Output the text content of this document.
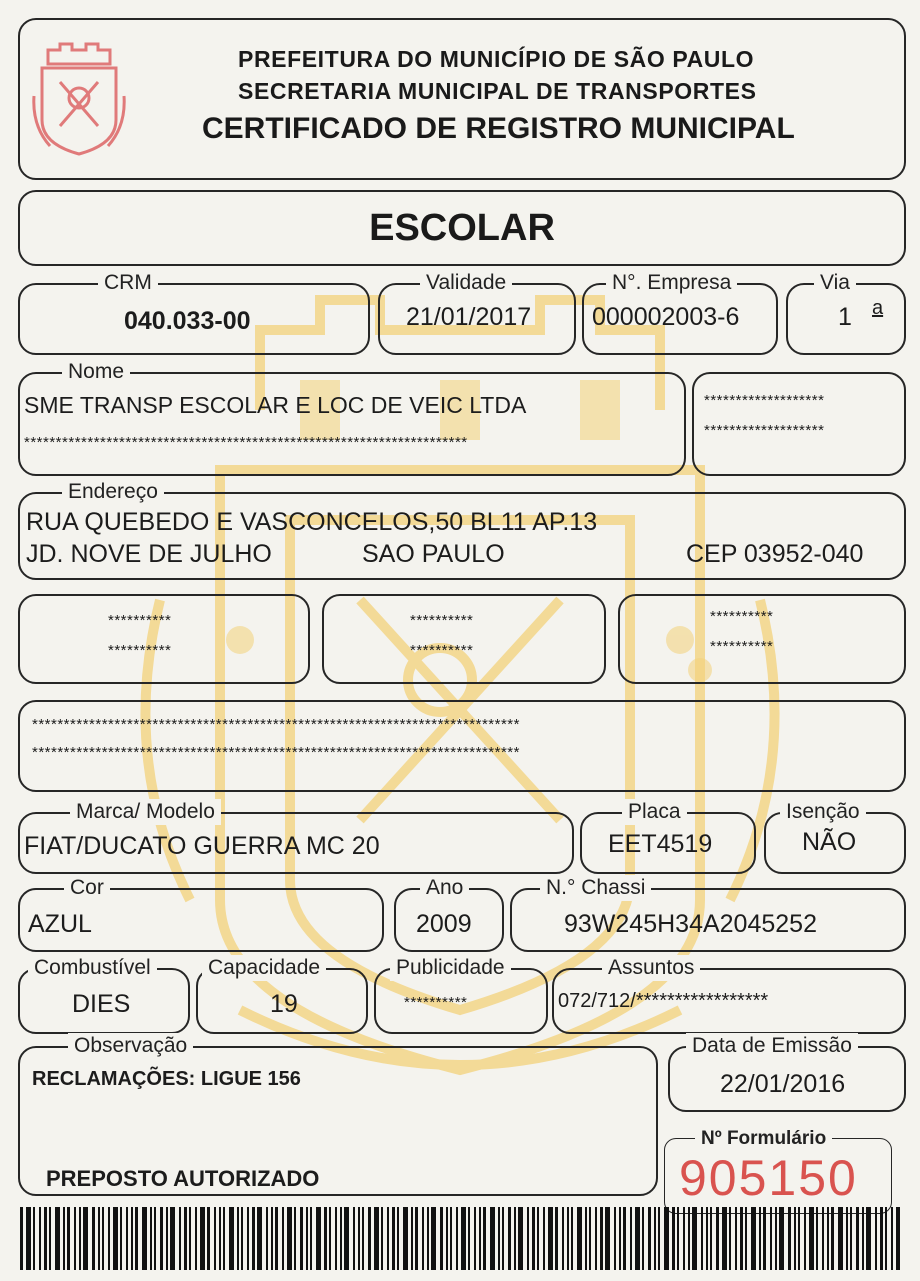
PREFEITURA DO MUNICÍPIO DE SÃO PAULO
SECRETARIA MUNICIPAL DE TRANSPORTES
CERTIFICADO DE REGISTRO MUNICIPAL
ESCOLAR
CRM
040.033-00
Validade
21/01/2017
N°. Empresa
000002003-6
Via
1 a
Nome
SME TRANSP ESCOLAR E LOC DE VEIC LTDA
**********************************************************************
*******************
*******************
Endereço
RUA QUEBEDO E VASCONCELOS,50 BL11 AP.13
JD. NOVE DE JULHO	SAO PAULO	CEP 03952-040
**********
**********
**********
**********
**********
**********
*****************************************************************************
*****************************************************************************
Marca/ Modelo
FIAT/DUCATO GUERRA MC 20
Placa
EET4519
Isenção
NÃO
Cor
AZUL
Ano
2009
N.° Chassi
93W245H34A2045252
Combustível
DIES
Capacidade
19
Publicidade
**********
Assuntos
072/712/*****************
Observação
RECLAMAÇÕES: LIGUE 156
PREPOSTO AUTORIZADO
Data de Emissão
22/01/2016
Nº Formulário
905150
